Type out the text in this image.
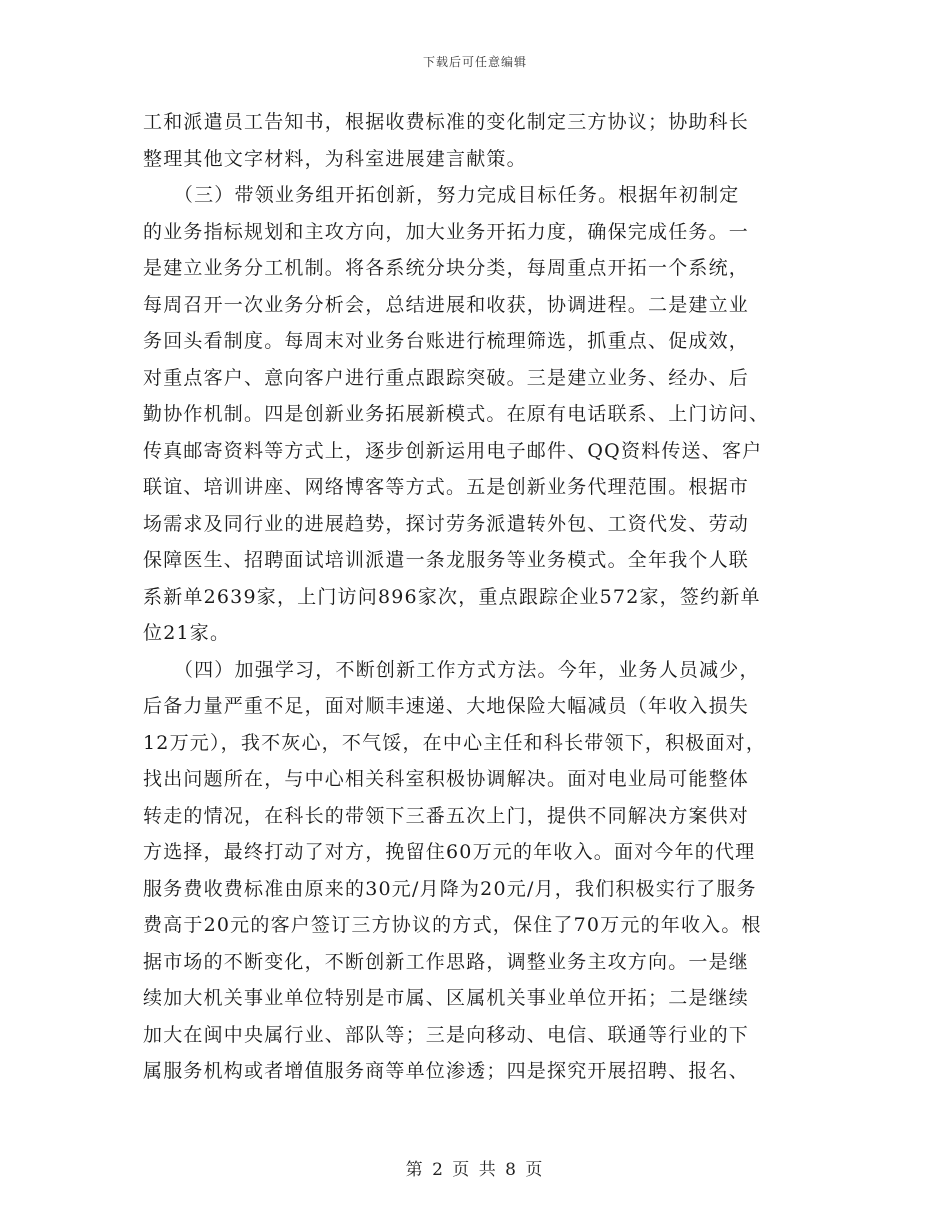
下载后可任意编辑
工和派遣员工告知书，根据收费标准的变化制定三方协议；协助科长
整理其他文字材料，为科室进展建言献策。
　　（三）带领业务组开拓创新，努力完成目标任务。根据年初制定
的业务指标规划和主攻方向，加大业务开拓力度，确保完成任务。一
是建立业务分工机制。将各系统分块分类，每周重点开拓一个系统，
每周召开一次业务分析会，总结进展和收获，协调进程。二是建立业
务回头看制度。每周末对业务台账进行梳理筛选，抓重点、促成效，
对重点客户、意向客户进行重点跟踪突破。三是建立业务、经办、后
勤协作机制。四是创新业务拓展新模式。在原有电话联系、上门访问、
传真邮寄资料等方式上，逐步创新运用电子邮件、QQ资料传送、客户
联谊、培训讲座、网络博客等方式。五是创新业务代理范围。根据市
场需求及同行业的进展趋势，探讨劳务派遣转外包、工资代发、劳动
保障医生、招聘面试培训派遣一条龙服务等业务模式。全年我个人联
系新单2639家，上门访问896家次，重点跟踪企业572家，签约新单
位21家。
　　（四）加强学习，不断创新工作方式方法。今年，业务人员减少，
后备力量严重不足，面对顺丰速递、大地保险大幅减员（年收入损失
12万元），我不灰心，不气馁，在中心主任和科长带领下，积极面对，
找出问题所在，与中心相关科室积极协调解决。面对电业局可能整体
转走的情况，在科长的带领下三番五次上门，提供不同解决方案供对
方选择，最终打动了对方，挽留住60万元的年收入。面对今年的代理
服务费收费标准由原来的30元/月降为20元/月，我们积极实行了服务
费高于20元的客户签订三方协议的方式，保住了70万元的年收入。根
据市场的不断变化，不断创新工作思路，调整业务主攻方向。一是继
续加大机关事业单位特别是市属、区属机关事业单位开拓；二是继续
加大在闽中央属行业、部队等；三是向移动、电信、联通等行业的下
属服务机构或者增值服务商等单位渗透；四是探究开展招聘、报名、
第 2 页 共 8 页
